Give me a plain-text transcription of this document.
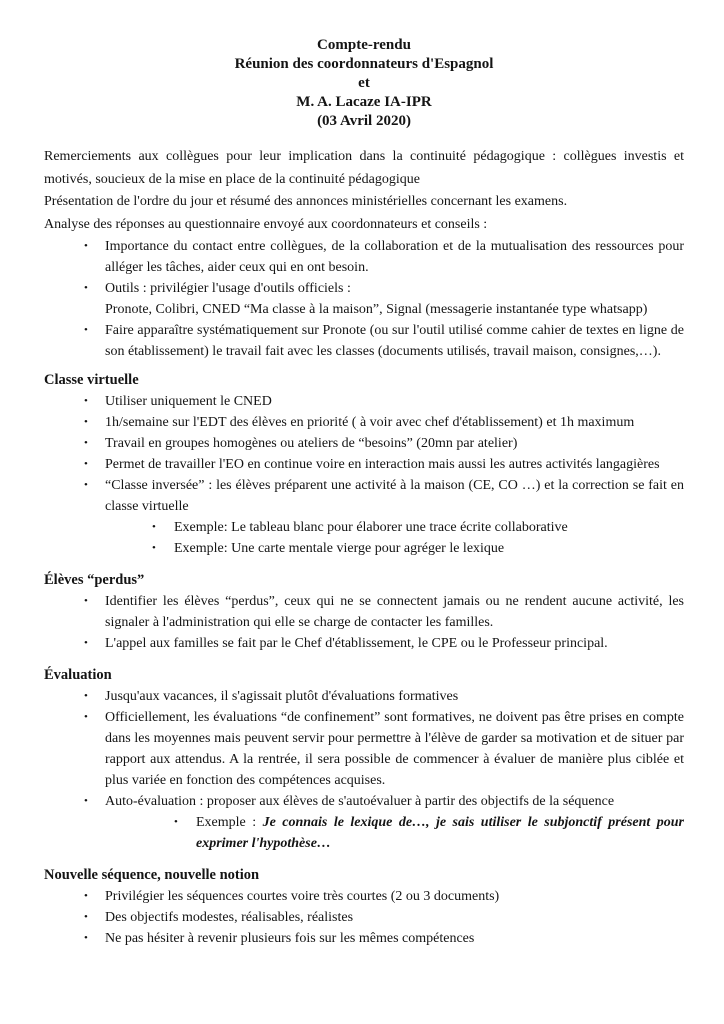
Compte-rendu
Réunion des coordonnateurs d'Espagnol
et
M. A. Lacaze IA-IPR
(03 Avril 2020)

Remerciements aux collègues pour leur implication dans la continuité pédagogique : collègues investis et motivés, soucieux de la mise en place de la continuité pédagogique

Présentation de l'ordre du jour et résumé des annonces ministérielles concernant les examens.

Analyse des réponses au questionnaire envoyé aux coordonnateurs et conseils :

•	Importance du contact entre collègues, de la collaboration et de la mutualisation des ressources pour alléger les tâches, aider ceux qui en ont besoin.
•	Outils : privilégier l'usage d'outils officiels :
Pronote, Colibri, CNED “Ma classe à la maison”, Signal (messagerie instantanée type whatsapp)
•	Faire apparaître systématiquement sur Pronote (ou sur l'outil utilisé comme cahier de textes en ligne de son établissement) le travail fait avec les classes (documents utilisés, travail maison, consignes,…).
Classe virtuelle
•	Utiliser uniquement le CNED
•	1h/semaine sur l'EDT des élèves en priorité ( à voir avec chef d'établissement) et 1h maximum
•	Travail en groupes homogènes ou ateliers de “besoins” (20mn par atelier)
•	Permet de travailler l'EO en continue voire en interaction mais aussi les autres activités langagières
•	“Classe inversée” : les élèves préparent une activité à la maison (CE, CO …) et la correction se fait en classe virtuelle
•	Exemple: Le tableau blanc pour élaborer une trace écrite collaborative
•	Exemple: Une carte mentale vierge pour agréger le lexique
Élèves “perdus”
•	Identifier les élèves “perdus”, ceux qui ne se connectent jamais ou ne rendent aucune activité, les signaler à l'administration qui elle se charge de contacter les familles.
•	L'appel aux familles se fait par le Chef d'établissement, le CPE ou le Professeur principal.
Évaluation
•	Jusqu'aux vacances, il s'agissait plutôt d'évaluations formatives
•	Officiellement, les évaluations “de confinement” sont formatives, ne doivent pas être prises en compte dans les moyennes mais peuvent servir pour permettre à l'élève de garder sa motivation et de situer par rapport aux attendus. A la rentrée, il sera possible de commencer à évaluer de manière plus ciblée et plus variée en fonction des compétences acquises.
•	Auto-évaluation : proposer aux élèves de s'autoévaluer à partir des objectifs de la séquence
•	Exemple : Je connais le lexique de…, je sais utiliser le subjonctif présent pour exprimer l'hypothèse…
Nouvelle séquence, nouvelle notion
•	Privilégier les séquences courtes voire très courtes (2 ou 3 documents)
•	Des objectifs modestes, réalisables, réalistes
•	Ne pas hésiter à revenir plusieurs fois sur les mêmes compétences
